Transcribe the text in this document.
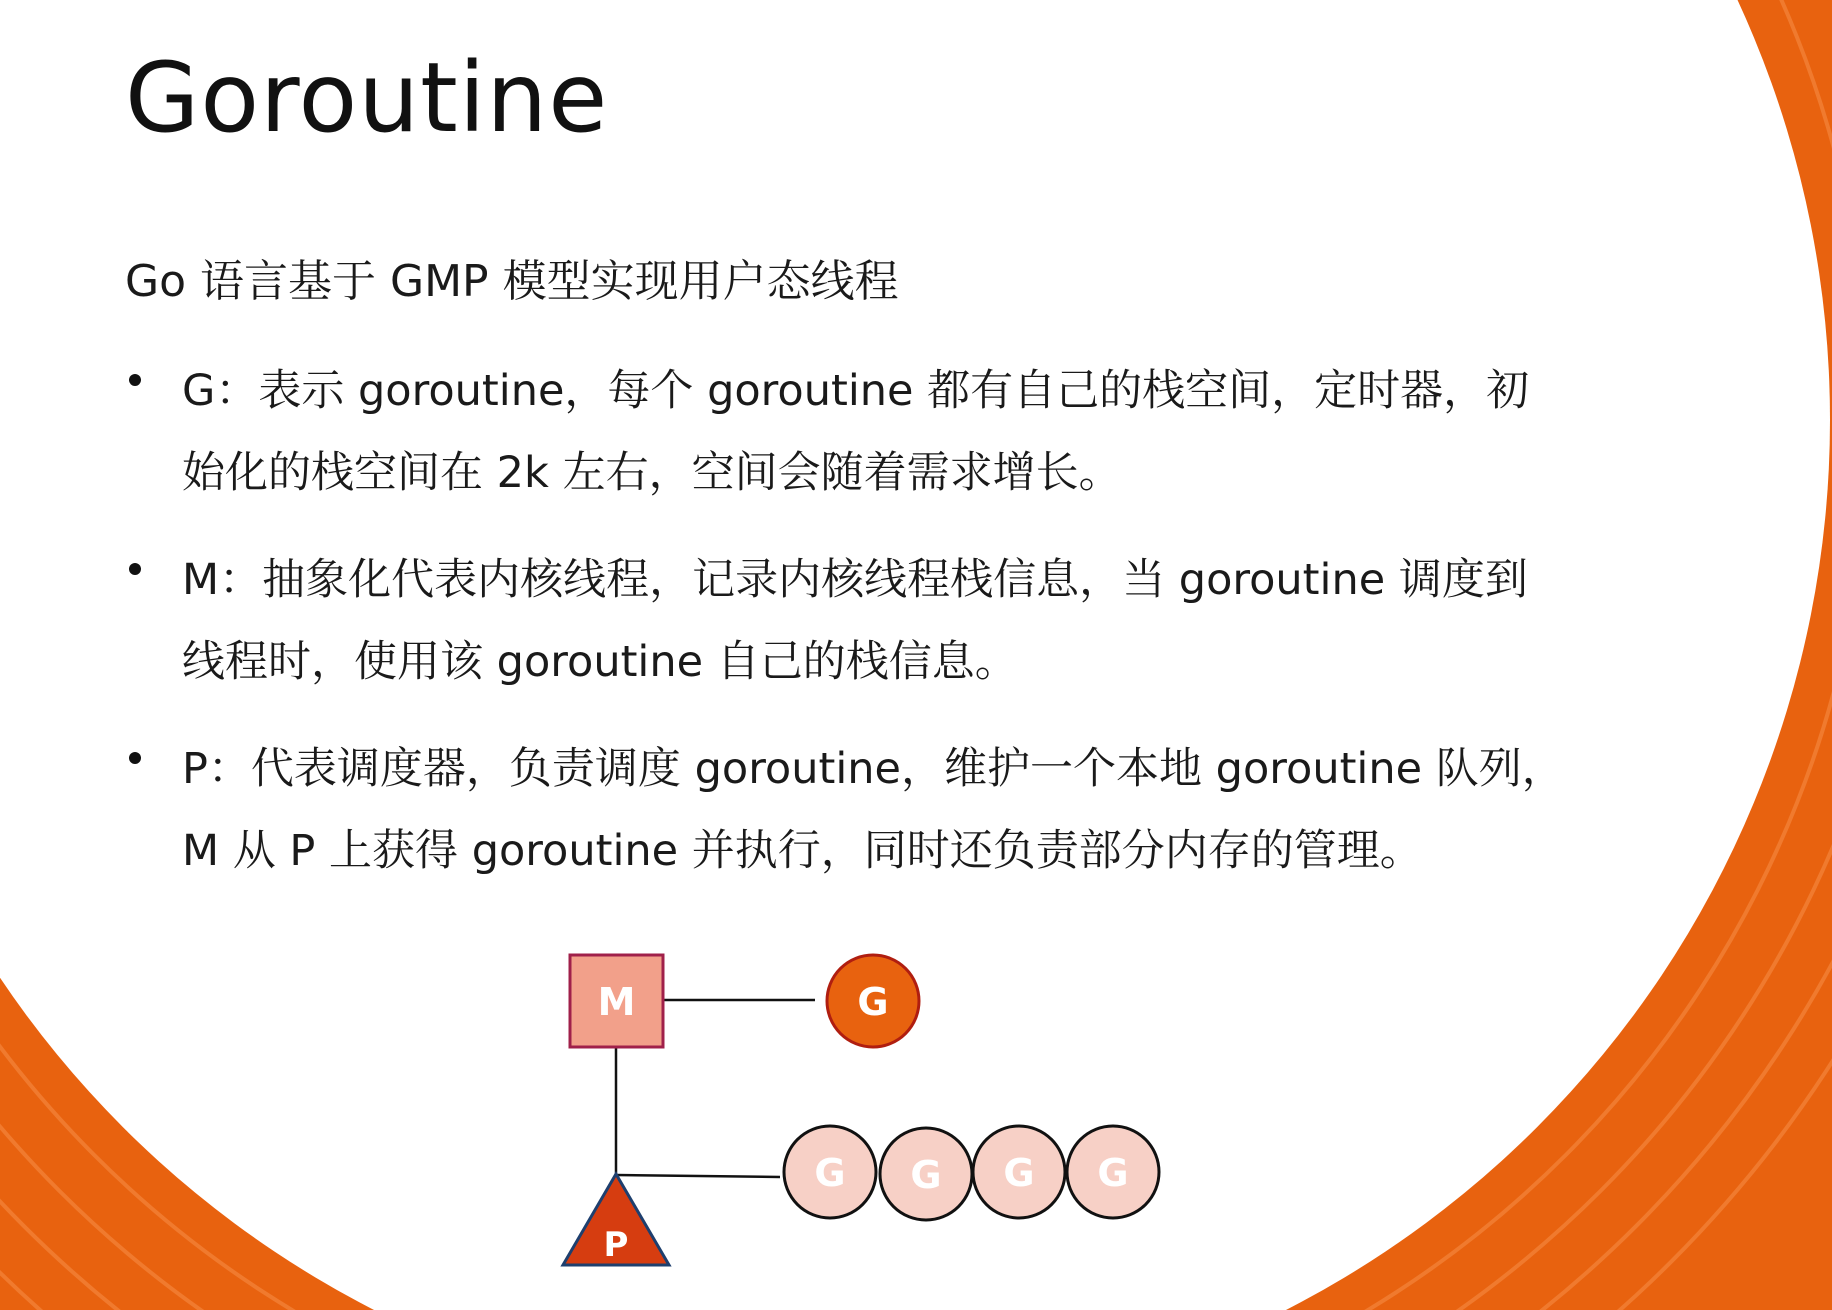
Goroutine

Go 语言基于 GMP 模型实现用户态线程

G：表示 goroutine，每个 goroutine 都有自己的栈空间，定时器，初始化的栈空间在 2k 左右，空间会随着需求增长。
M：抽象化代表内核线程，记录内核线程栈信息，当 goroutine 调度到线程时，使用该 goroutine 自己的栈信息。
P：代表调度器，负责调度 goroutine，维护一个本地 goroutine 队列，M 从 P 上获得 goroutine 并执行，同时还负责部分内存的管理。
M	G
P
G G G G
